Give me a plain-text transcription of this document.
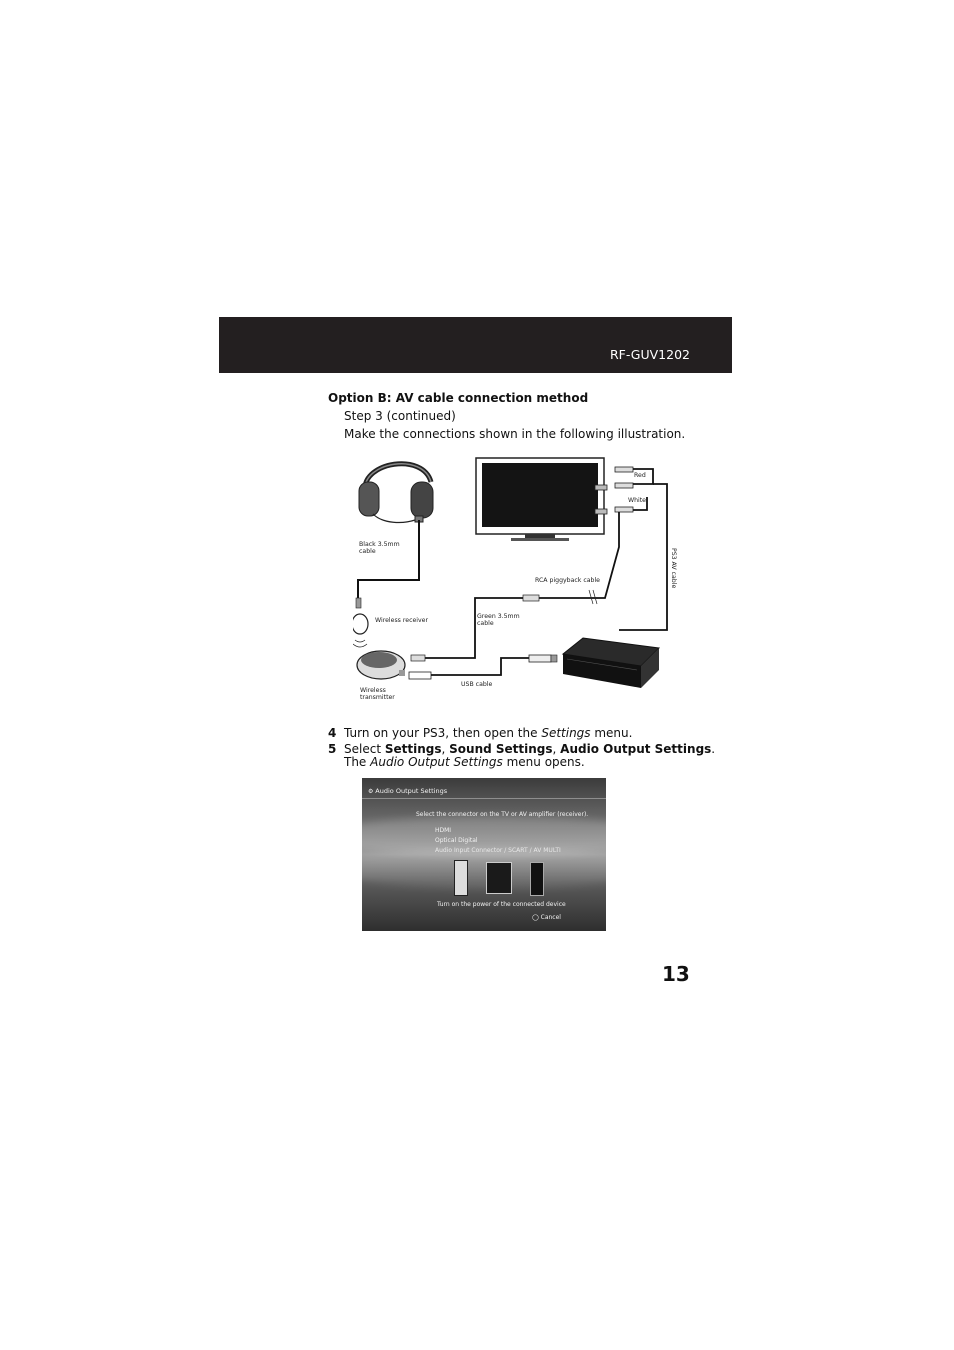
RF-GUV1202
Option B: AV cable connection method
Step 3 (continued)
Make the connections shown in the following illustration.
Red
White
Black 3.5mm
cable
RCA piggyback cable	PS3 AV cable
Wireless receiver
Green 3.5mm
cable
USB cable
Wireless
transmitter
4 Turn on your PS3, then open the Settings menu.
5 Select Settings, Sound Settings, Audio Output Settings.
The Audio Output Settings menu opens.
⚙ Audio Output Settings
Select the connector on the TV or AV amplifier (receiver).
HDMI
Optical Digital
Audio Input Connector / SCART / AV MULTI
Turn on the power of the connected device
◯ Cancel
13
